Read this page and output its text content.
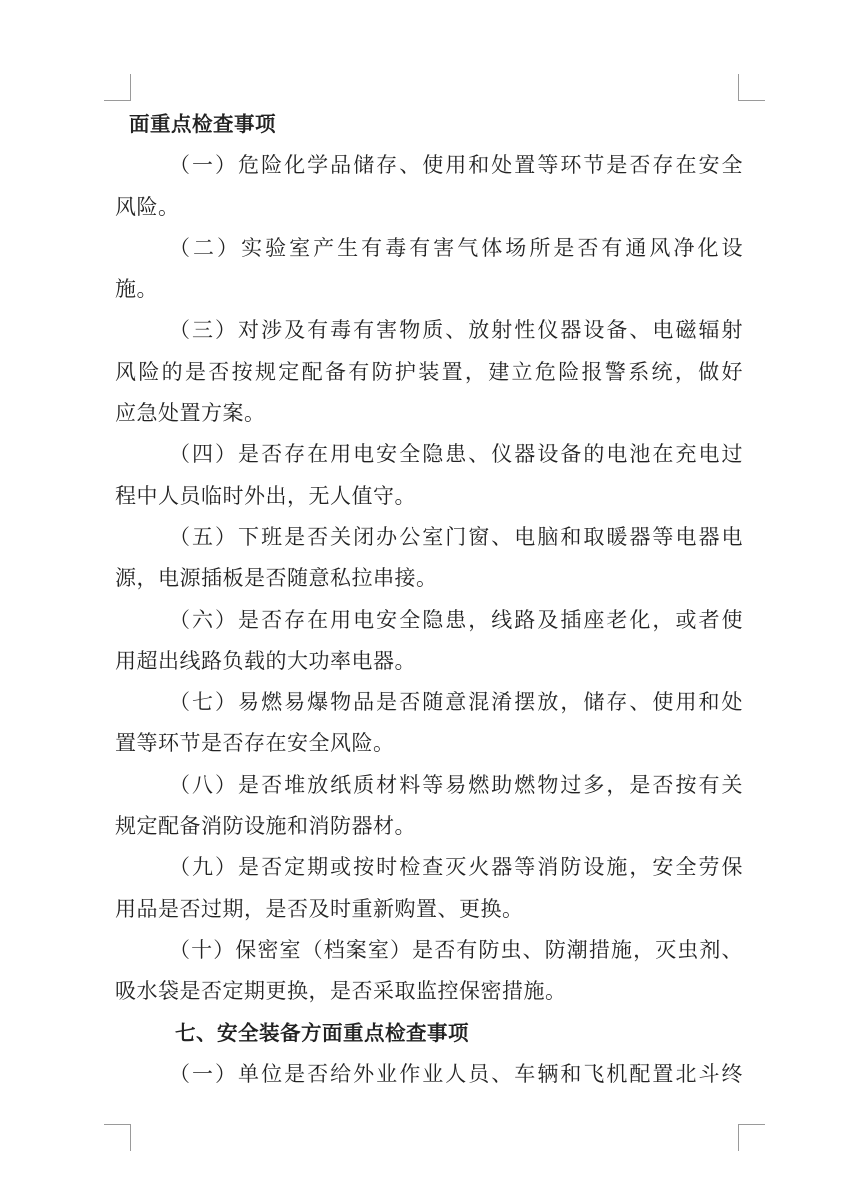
面重点检查事项
（一）危险化学品储存、使用和处置等环节是否存在安全
风险。
（二）实验室产生有毒有害气体场所是否有通风净化设
施。
（三）对涉及有毒有害物质、放射性仪器设备、电磁辐射
风险的是否按规定配备有防护装置，建立危险报警系统，做好
应急处置方案。
（四）是否存在用电安全隐患、仪器设备的电池在充电过
程中人员临时外出，无人值守。
（五）下班是否关闭办公室门窗、电脑和取暖器等电器电
源，电源插板是否随意私拉串接。
（六）是否存在用电安全隐患，线路及插座老化，或者使
用超出线路负载的大功率电器。
（七）易燃易爆物品是否随意混淆摆放，储存、使用和处
置等环节是否存在安全风险。
（八）是否堆放纸质材料等易燃助燃物过多，是否按有关
规定配备消防设施和消防器材。
（九）是否定期或按时检查灭火器等消防设施，安全劳保
用品是否过期，是否及时重新购置、更换。
（十）保密室（档案室）是否有防虫、防潮措施，灭虫剂、
吸水袋是否定期更换，是否采取监控保密措施。
七、安全装备方面重点检查事项
（一）单位是否给外业作业人员、车辆和飞机配置北斗终
